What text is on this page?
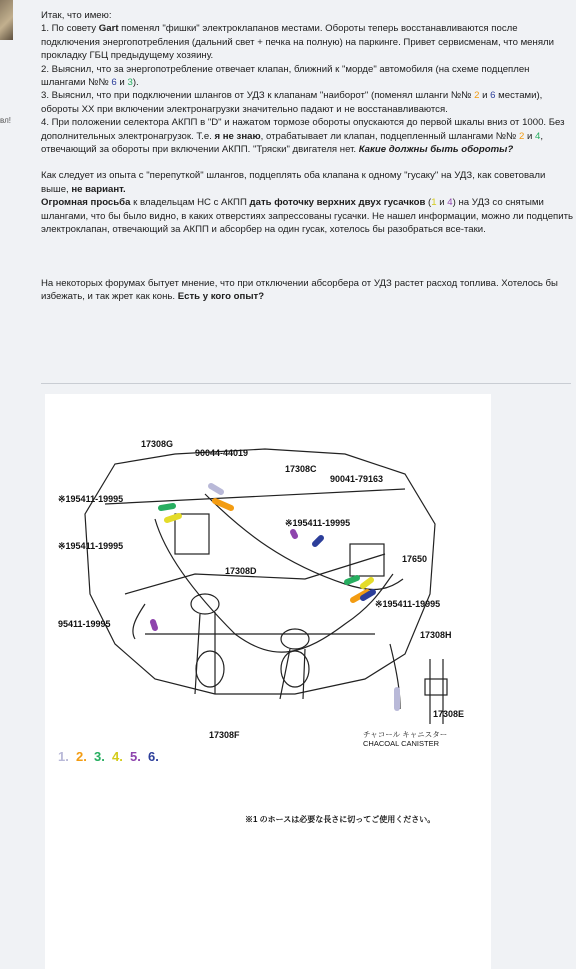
вл!

Итак, что имею:

1. По совету Gart поменял "фишки" электроклапанов местами. Обороты теперь восстанавливаются после подключения энергопотребления (дальний свет + печка на полную) на паркинге. Привет сервисменам, что меняли прокладку ГБЦ предыдущему хозяину.

2. Выяснил, что за энергопотребление отвечает клапан, ближний к "морде" автомобиля (на схеме подцеплен шлангами №№ 6 и 3).

3. Выяснил, что при подключении шлангов от УДЗ к клапанам "наиборот" (поменял шланги №№ 2 и 6 местами), обороты ХХ при включении электронагрузки значительно падают и не восстанавливаются.

4. При положении селектора АКПП в "D" и нажатом тормозе обороты опускаются до первой шкалы вниз от 1000. Без дополнительных электронагрузок. Т.е. я не знаю, отрабатывает ли клапан, подцепленный шлангами №№ 2 и 4, отвечающий за обороты при включении АКПП. "Тряски" двигателя нет. Какие должны быть обороты?

Как следует из опыта с "перепуткой" шлангов, подцеплять оба клапана к одному "гусаку" на УДЗ, как советовали выше, не вариант.

Огромная просьба к владельцам НС с АКПП дать фоточку верхних двух гусачков (1 и 4) на УДЗ со снятыми шлангами, что бы было видно, в каких отверстиях запрессованы гусачки. Не нашел информации, можно ли подцепить электроклапан, отвечающий за АКПП и абсорбер на один гусак, хотелось бы разобраться все-таки.

На некоторых форумах бытует мнение, что при отключении абсорбера от УДЗ растет расход топлива. Хотелось бы избежать, и так жрет как конь. Есть у кого опыт?

17308G
90044-44019
17308C
90041-79163
※195411-19995
※195411-19995
※195411-19995
17650
17308D
95411-19995
※195411-19995
17308H
17308E
17308F	チャコール キャニスター
CHACOAL CANISTER
1. 2. 3. 4. 5. 6.
※1 のホースは必要な長さに切ってご使用ください。
